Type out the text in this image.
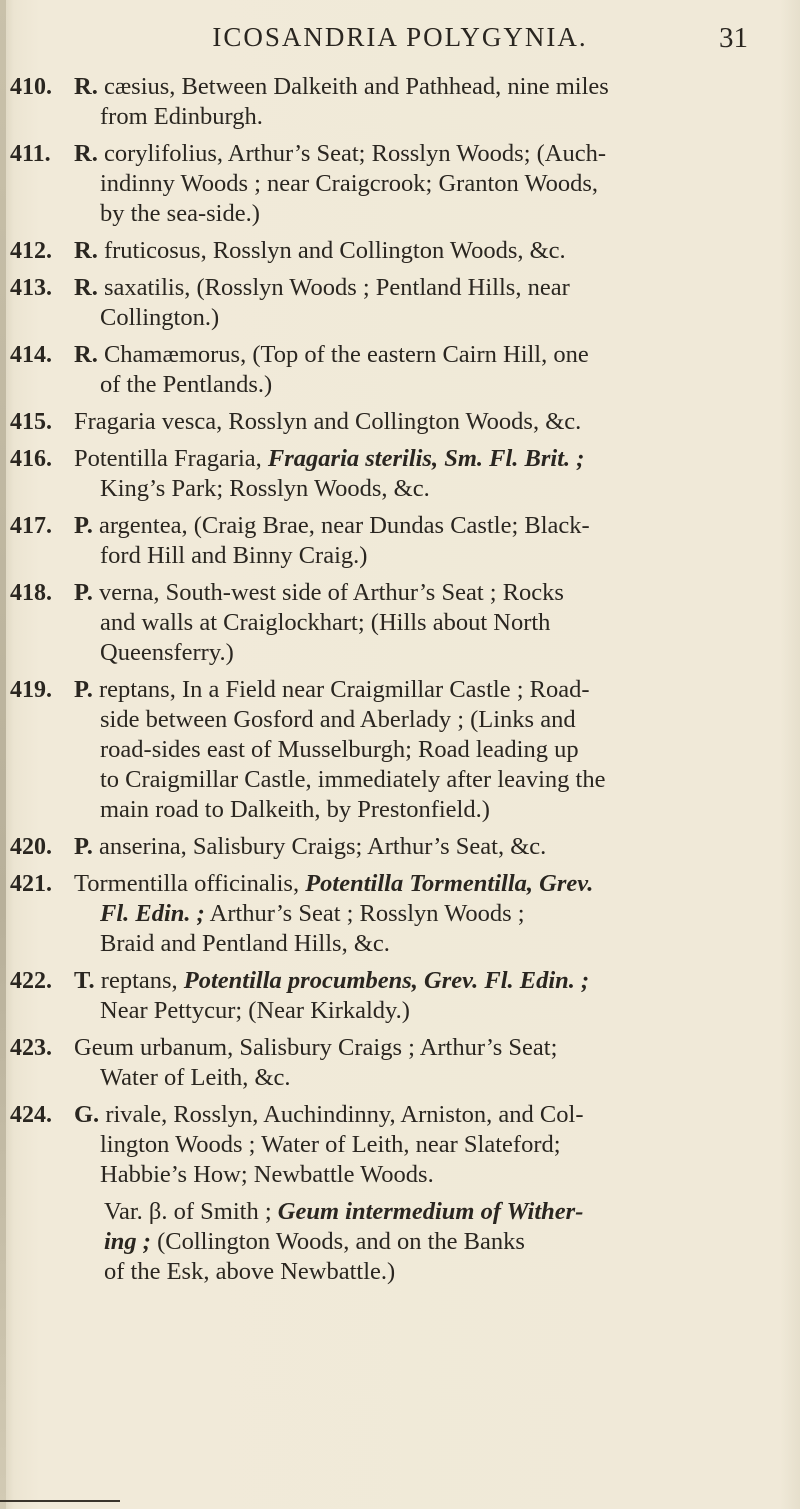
ICOSANDRIA POLYGYNIA.	31
410. R. cæsius, Between Dalkeith and Pathhead, nine miles
from Edinburgh.
411. R. corylifolius, Arthur’s Seat; Rosslyn Woods; (Auch-
indinny Woods ; near Craigcrook; Granton Woods,
by the sea-side.)
412. R. fruticosus, Rosslyn and Collington Woods, &c.
413. R. saxatilis, (Rosslyn Woods ; Pentland Hills, near
Collington.)
414. R. Chamæmorus, (Top of the eastern Cairn Hill, one
of the Pentlands.)
415. Fragaria vesca, Rosslyn and Collington Woods, &c.
416. Potentilla Fragaria, Fragaria sterilis, Sm. Fl. Brit. ;
King’s Park; Rosslyn Woods, &c.
417. P. argentea, (Craig Brae, near Dundas Castle; Black-
ford Hill and Binny Craig.)
418. P. verna, South-west side of Arthur’s Seat ; Rocks
and walls at Craiglockhart; (Hills about North
Queensferry.)
419. P. reptans, In a Field near Craigmillar Castle ; Road-
side between Gosford and Aberlady ; (Links and
road-sides east of Musselburgh; Road leading up
to Craigmillar Castle, immediately after leaving the
main road to Dalkeith, by Prestonfield.)
420. P. anserina, Salisbury Craigs; Arthur’s Seat, &c.
421. Tormentilla officinalis, Potentilla Tormentilla, Grev.
Fl. Edin. ; Arthur’s Seat ; Rosslyn Woods ;
Braid and Pentland Hills, &c.
422. T. reptans, Potentilla procumbens, Grev. Fl. Edin. ;
Near Pettycur; (Near Kirkaldy.)
423. Geum urbanum, Salisbury Craigs ; Arthur’s Seat;
Water of Leith, &c.
424. G. rivale, Rosslyn, Auchindinny, Arniston, and Col-
lington Woods ; Water of Leith, near Slateford;
Habbie’s How; Newbattle Woods.
Var. β. of Smith ; Geum intermedium of Wither-
ing ; (Collington Woods, and on the Banks
of the Esk, above Newbattle.)
